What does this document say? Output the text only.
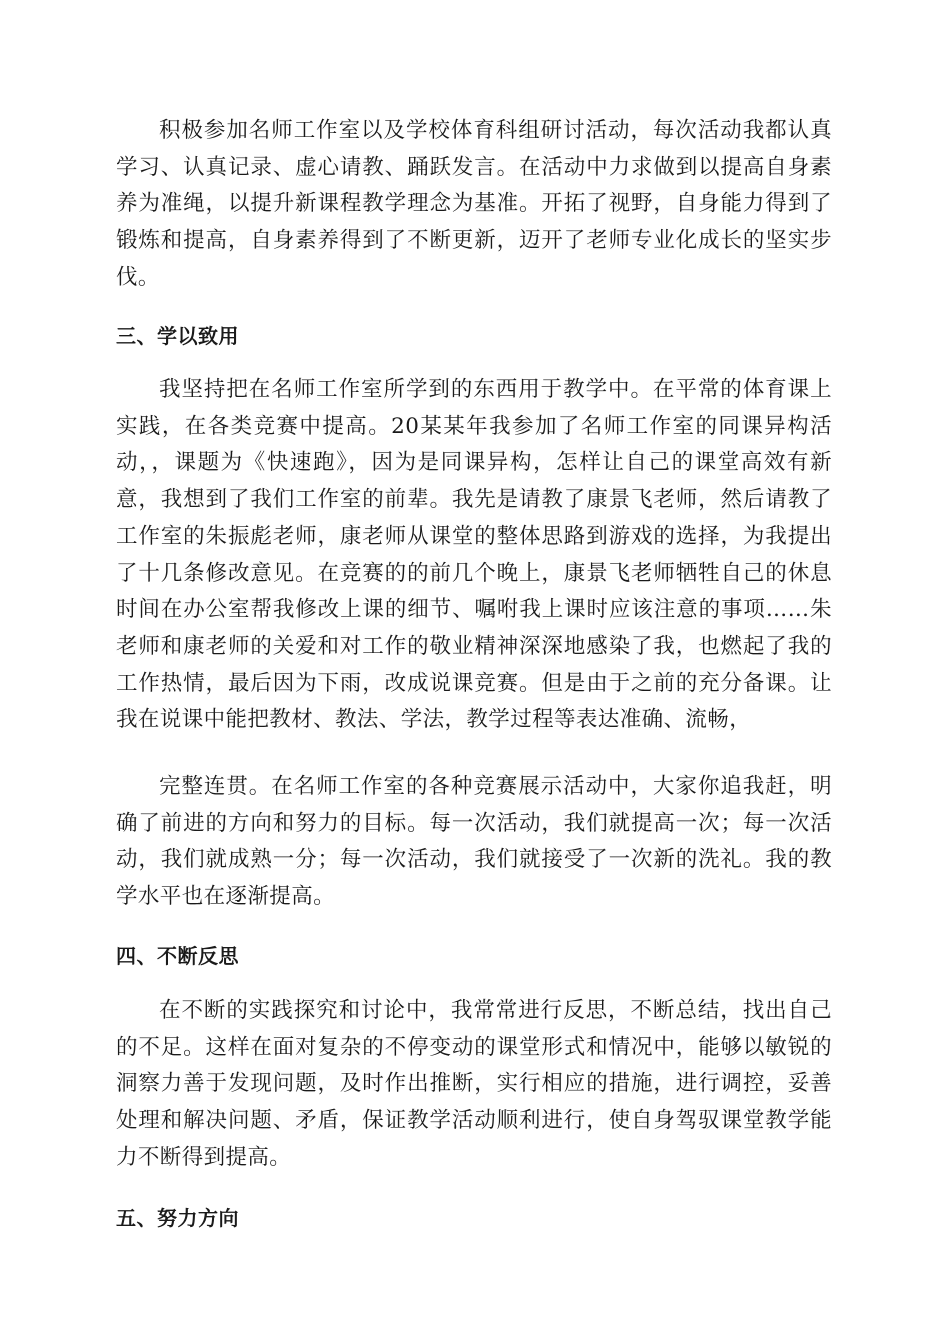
积极参加名师工作室以及学校体育科组研讨活动，每次活动我都认真学习、认真记录、虚心请教、踊跃发言。在活动中力求做到以提高自身素养为准绳，以提升新课程教学理念为基准。开拓了视野，自身能力得到了锻炼和提高，自身素养得到了不断更新，迈开了老师专业化成长的坚实步伐。

三、学以致用

我坚持把在名师工作室所学到的东西用于教学中。在平常的体育课上实践，在各类竞赛中提高。20某某年我参加了名师工作室的同课异构活动，，课题为《快速跑》，因为是同课异构，怎样让自己的课堂高效有新意，我想到了我们工作室的前辈。我先是请教了康景飞老师，然后请教了工作室的朱振彪老师，康老师从课堂的整体思路到游戏的选择，为我提出了十几条修改意见。在竞赛的的前几个晚上，康景飞老师牺牲自己的休息时间在办公室帮我修改上课的细节、嘱咐我上课时应该注意的事项……朱老师和康老师的关爱和对工作的敬业精神深深地感染了我，也燃起了我的工作热情，最后因为下雨，改成说课竞赛。但是由于之前的充分备课。让我在说课中能把教材、教法、学法，教学过程等表达准确、流畅，

完整连贯。在名师工作室的各种竞赛展示活动中，大家你追我赶，明确了前进的方向和努力的目标。每一次活动，我们就提高一次；每一次活动，我们就成熟一分；每一次活动，我们就接受了一次新的洗礼。我的教学水平也在逐渐提高。

四、不断反思

在不断的实践探究和讨论中，我常常进行反思，不断总结，找出自己的不足。这样在面对复杂的不停变动的课堂形式和情况中，能够以敏锐的洞察力善于发现问题，及时作出推断，实行相应的措施，进行调控，妥善处理和解决问题、矛盾，保证教学活动顺利进行，使自身驾驭课堂教学能力不断得到提高。

五、努力方向
